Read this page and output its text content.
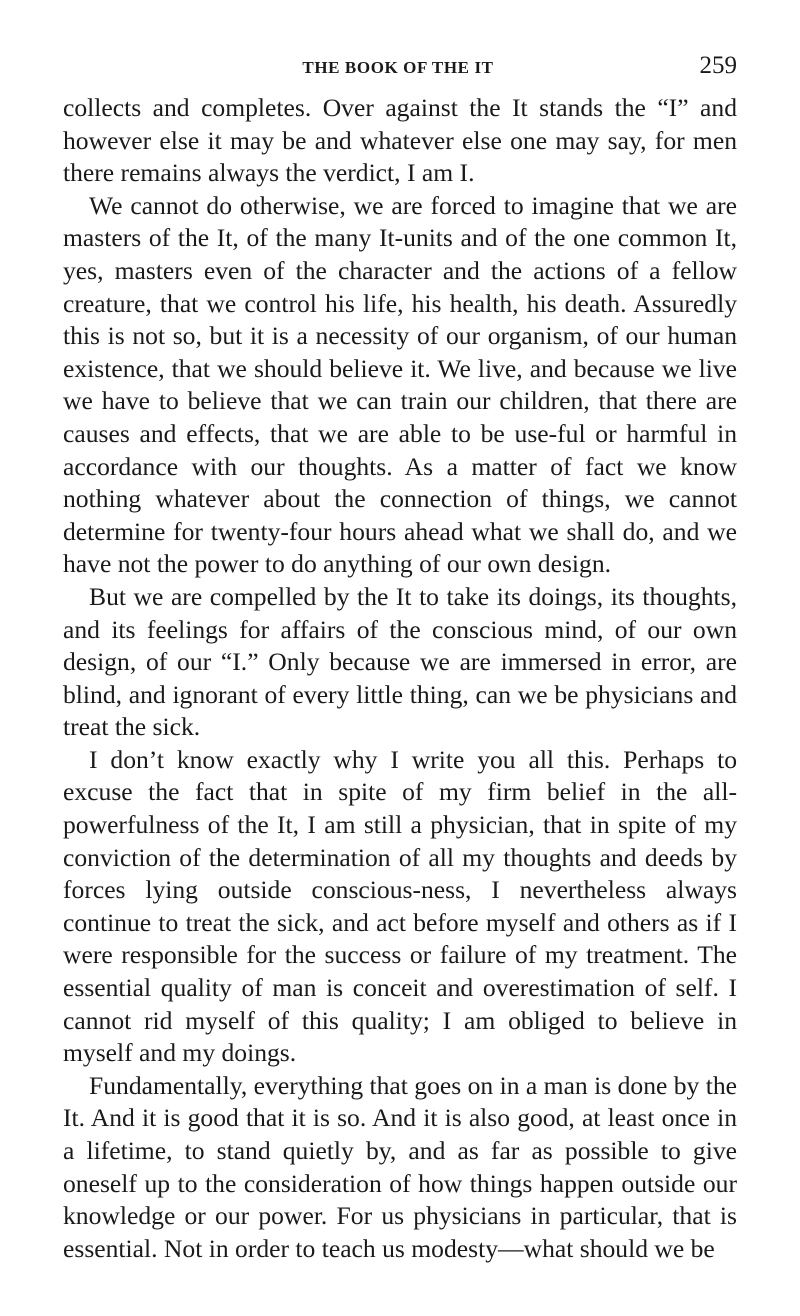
THE BOOK OF THE IT	259

collects and completes. Over against the It stands the “I” and however else it may be and whatever else one may say, for men there remains always the verdict, I am I.

We cannot do otherwise, we are forced to imagine that we are masters of the It, of the many It-units and of the one common It, yes, masters even of the character and the actions of a fellow creature, that we control his life, his health, his death. Assuredly this is not so, but it is a necessity of our organism, of our human existence, that we should believe it. We live, and because we live we have to believe that we can train our children, that there are causes and effects, that we are able to be use-ful or harmful in accordance with our thoughts. As a matter of fact we know nothing whatever about the connection of things, we cannot determine for twenty-four hours ahead what we shall do, and we have not the power to do anything of our own design.

But we are compelled by the It to take its doings, its thoughts, and its feelings for affairs of the conscious mind, of our own design, of our “I.” Only because we are immersed in error, are blind, and ignorant of every little thing, can we be physicians and treat the sick.

I don’t know exactly why I write you all this. Perhaps to excuse the fact that in spite of my firm belief in the all-powerfulness of the It, I am still a physician, that in spite of my conviction of the determination of all my thoughts and deeds by forces lying outside conscious-ness, I nevertheless always continue to treat the sick, and act before myself and others as if I were responsible for the success or failure of my treatment. The essential quality of man is conceit and overestimation of self. I cannot rid myself of this quality; I am obliged to believe in myself and my doings.

Fundamentally, everything that goes on in a man is done by the It. And it is good that it is so. And it is also good, at least once in a lifetime, to stand quietly by, and as far as possible to give oneself up to the consideration of how things happen outside our knowledge or our power. For us physicians in particular, that is essential. Not in order to teach us modesty—what should we be
